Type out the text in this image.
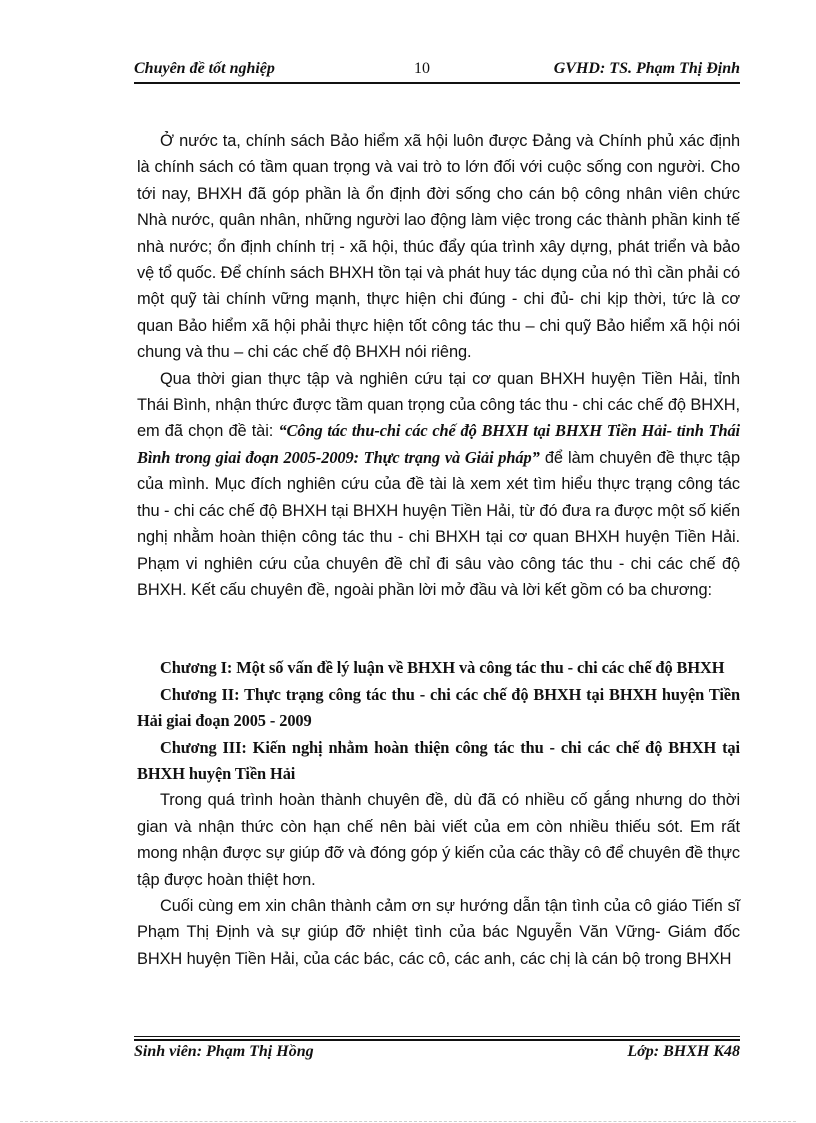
Chuyên đề tốt nghiệp	10	GVHD: TS. Phạm Thị Định

Ở nước ta, chính sách Bảo hiểm xã hội luôn được Đảng và Chính phủ xác định là chính sách có tầm quan trọng và vai trò to lớn đối với cuộc sống con người. Cho tới nay, BHXH đã góp phần là ổn định đời sống cho cán bộ công nhân viên chức Nhà nước, quân nhân, những người lao động làm việc trong các thành phần kinh tế nhà nước; ổn định chính trị - xã hội, thúc đẩy qúa trình xây dựng, phát triển và bảo vệ tổ quốc. Để chính sách BHXH tồn tại và phát huy tác dụng của nó thì cần phải có một quỹ tài chính vững mạnh, thực hiện chi đúng - chi đủ- chi kịp thời, tức là cơ quan Bảo hiểm xã hội phải thực hiện tốt công tác thu – chi quỹ Bảo hiểm xã hội nói chung và thu – chi các chế độ BHXH nói riêng.

Qua thời gian thực tập và nghiên cứu tại cơ quan BHXH huyện Tiền Hải, tỉnh Thái Bình, nhận thức được tầm quan trọng của công tác thu - chi các chế độ BHXH, em đã chọn đề tài: “Công tác thu-chi các chế độ BHXH tại BHXH Tiền Hải- tỉnh Thái Bình trong giai đoạn 2005-2009: Thực trạng và Giải pháp” để làm chuyên đề thực tập của mình. Mục đích nghiên cứu của đề tài là xem xét tìm hiểu thực trạng công tác thu - chi các chế độ BHXH tại BHXH huyện Tiền Hải, từ đó đưa ra được một số kiến nghị nhằm hoàn thiện công tác thu - chi BHXH tại cơ quan BHXH huyện Tiền Hải. Phạm vi nghiên cứu của chuyên đề chỉ đi sâu vào công tác thu - chi các chế độ BHXH. Kết cấu chuyên đề, ngoài phần lời mở đầu và lời kết gồm có ba chương:

Chương I: Một số vấn đề lý luận về BHXH và công tác thu - chi các chế độ BHXH

Chương II: Thực trạng công tác thu - chi các chế độ BHXH tại BHXH huyện Tiền Hải giai đoạn 2005 - 2009

Chương III: Kiến nghị nhằm hoàn thiện công tác thu - chi các chế độ BHXH tại BHXH huyện Tiền Hải

Trong quá trình hoàn thành chuyên đề, dù đã có nhiều cố gắng nhưng do thời gian và nhận thức còn hạn chế nên bài viết của em còn nhiều thiếu sót. Em rất mong nhận được sự giúp đỡ và đóng góp ý kiến của các thầy cô để chuyên đề thực tập được hoàn thiệt hơn.

Cuối cùng em xin chân thành cảm ơn sự hướng dẫn tận tình của cô giáo Tiến sĩ Phạm Thị Định và sự giúp đỡ nhiệt tình của bác Nguyễn Văn Vững- Giám đốc BHXH huyện Tiền Hải, của các bác, các cô, các anh, các chị là cán bộ trong BHXH

Sinh viên: Phạm Thị Hồng	Lớp: BHXH K48
